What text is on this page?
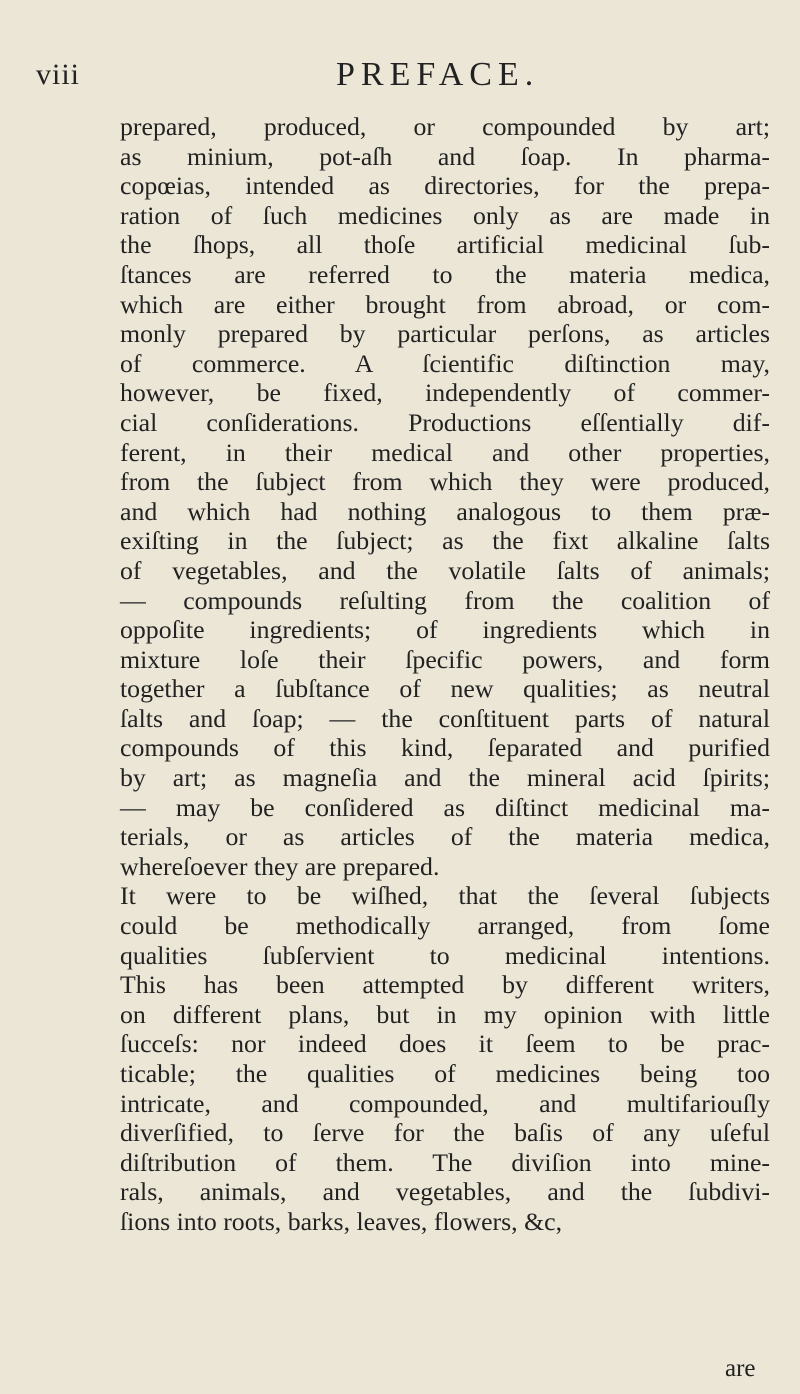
viii	PREFACE.
prepared, produced, or compounded by art;
as minium, pot-aſh and ſoap. In pharma-
copœias, intended as directories, for the prepa-
ration of ſuch medicines only as are made in
the ſhops, all thoſe artificial medicinal ſub-
ſtances are referred to the materia medica,
which are either brought from abroad, or com-
monly prepared by particular perſons, as articles
of commerce. A ſcientific diſtinction may,
however, be fixed, independently of commer-
cial conſiderations. Productions eſſentially dif-
ferent, in their medical and other properties,
from the ſubject from which they were produced,
and which had nothing analogous to them præ-
exiſting in the ſubject; as the fixt alkaline ſalts
of vegetables, and the volatile ſalts of animals;
— compounds reſulting from the coalition of
oppoſite ingredients; of ingredients which in
mixture loſe their ſpecific powers, and form
together a ſubſtance of new qualities; as neutral
ſalts and ſoap; — the conſtituent parts of natural
compounds of this kind, ſeparated and purified
by art; as magneſia and the mineral acid ſpirits;
— may be conſidered as diſtinct medicinal ma-
terials, or as articles of the materia medica,
whereſoever they are prepared.
It were to be wiſhed, that the ſeveral ſubjects
could be methodically arranged, from ſome
qualities ſubſervient to medicinal intentions.
This has been attempted by different writers,
on different plans, but in my opinion with little
ſucceſs: nor indeed does it ſeem to be prac-
ticable; the qualities of medicines being too
intricate, and compounded, and multifariouſly
diverſified, to ſerve for the baſis of any uſeful
diſtribution of them. The diviſion into mine-
rals, animals, and vegetables, and the ſubdivi-
ſions into roots, barks, leaves, flowers, &c,
are
